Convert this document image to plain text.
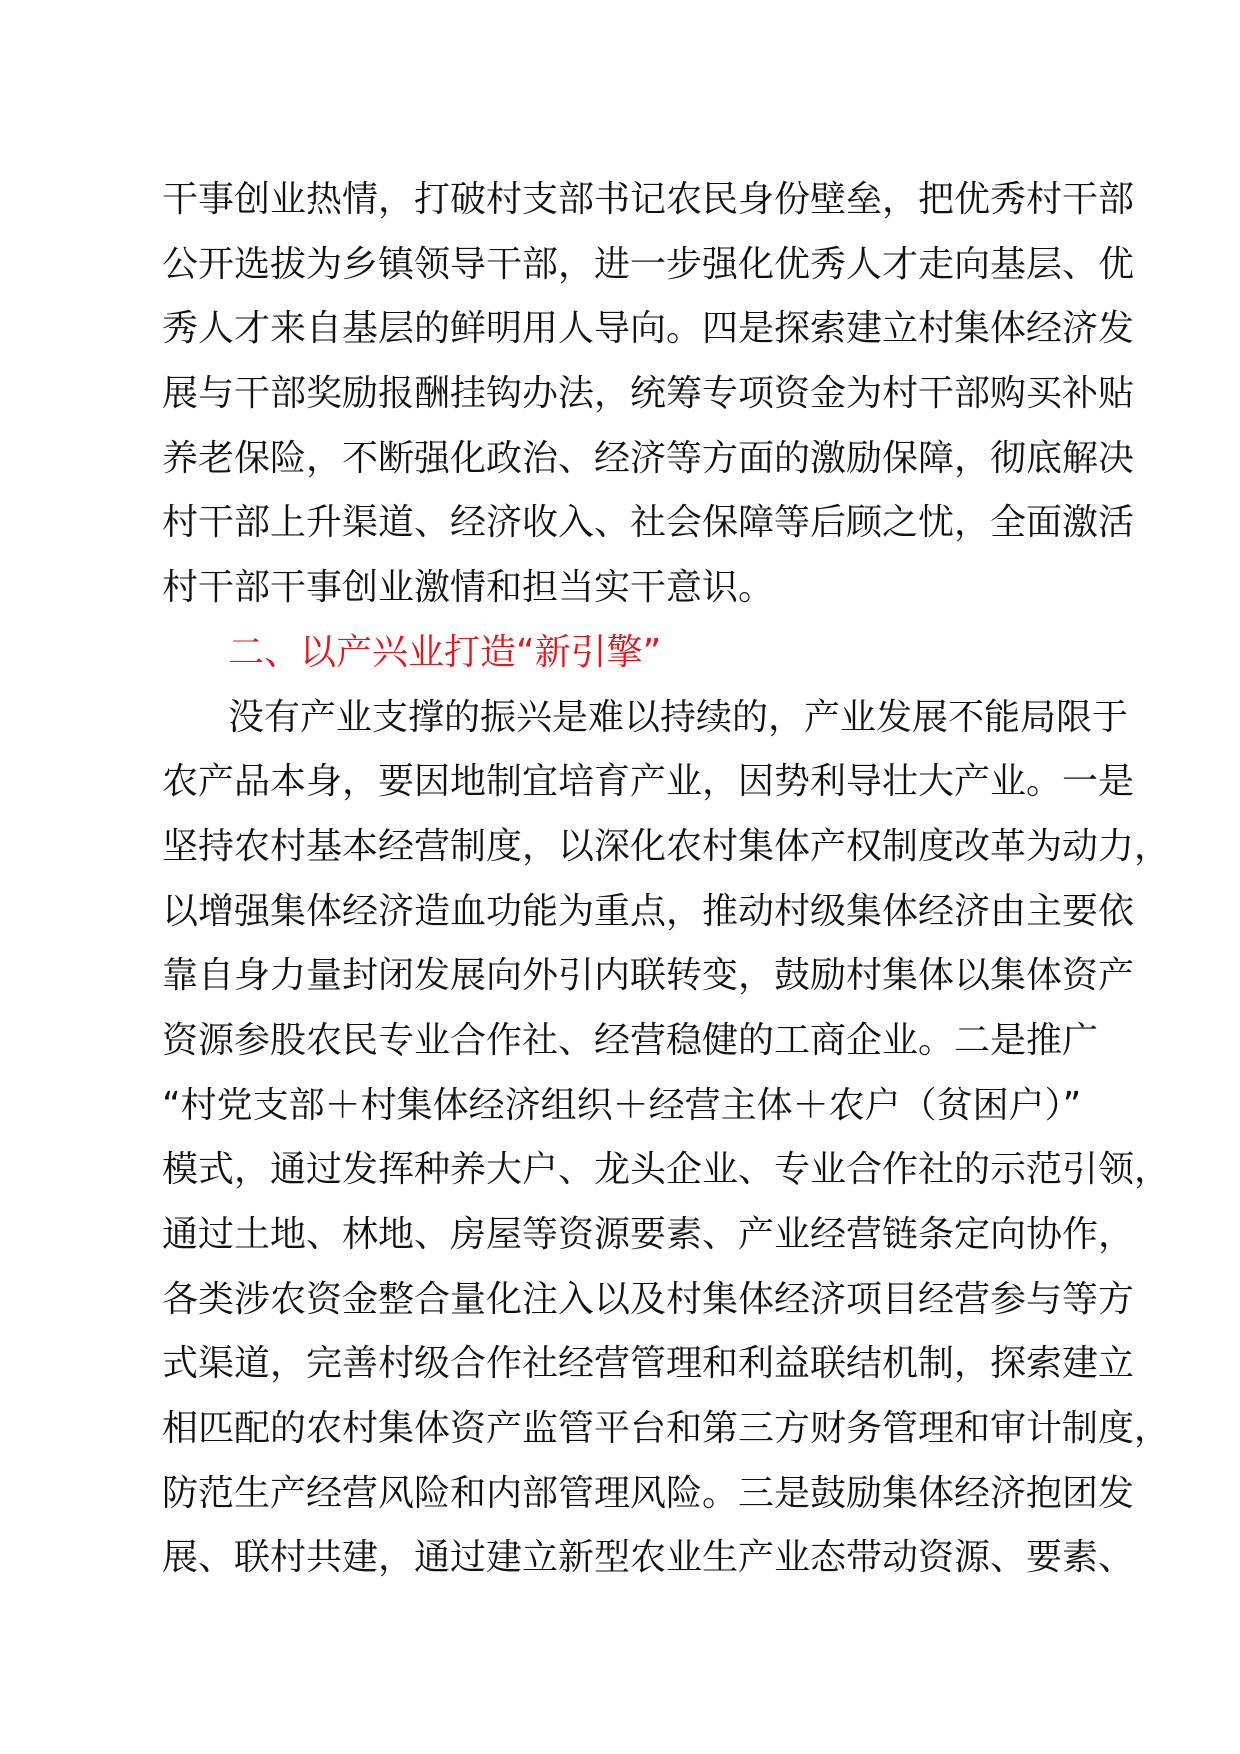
干事创业热情，打破村支部书记农民身份壁垒，把优秀村干部
公开选拔为乡镇领导干部，进一步强化优秀人才走向基层、优
秀人才来自基层的鲜明用人导向。四是探索建立村集体经济发
展与干部奖励报酬挂钩办法，统筹专项资金为村干部购买补贴
养老保险，不断强化政治、经济等方面的激励保障，彻底解决
村干部上升渠道、经济收入、社会保障等后顾之忧，全面激活
村干部干事创业激情和担当实干意识。
二、以产兴业打造“新引擎”
没有产业支撑的振兴是难以持续的，产业发展不能局限于
农产品本身，要因地制宜培育产业，因势利导壮大产业。一是
坚持农村基本经营制度，以深化农村集体产权制度改革为动力，
以增强集体经济造血功能为重点，推动村级集体经济由主要依
靠自身力量封闭发展向外引内联转变，鼓励村集体以集体资产
资源参股农民专业合作社、经营稳健的工商企业。二是推广
“村党支部＋村集体经济组织＋经营主体＋农户（贫困户）”
模式，通过发挥种养大户、龙头企业、专业合作社的示范引领，
通过土地、林地、房屋等资源要素、产业经营链条定向协作，
各类涉农资金整合量化注入以及村集体经济项目经营参与等方
式渠道，完善村级合作社经营管理和利益联结机制，探索建立
相匹配的农村集体资产监管平台和第三方财务管理和审计制度，
防范生产经营风险和内部管理风险。三是鼓励集体经济抱团发
展、联村共建，通过建立新型农业生产业态带动资源、要素、
